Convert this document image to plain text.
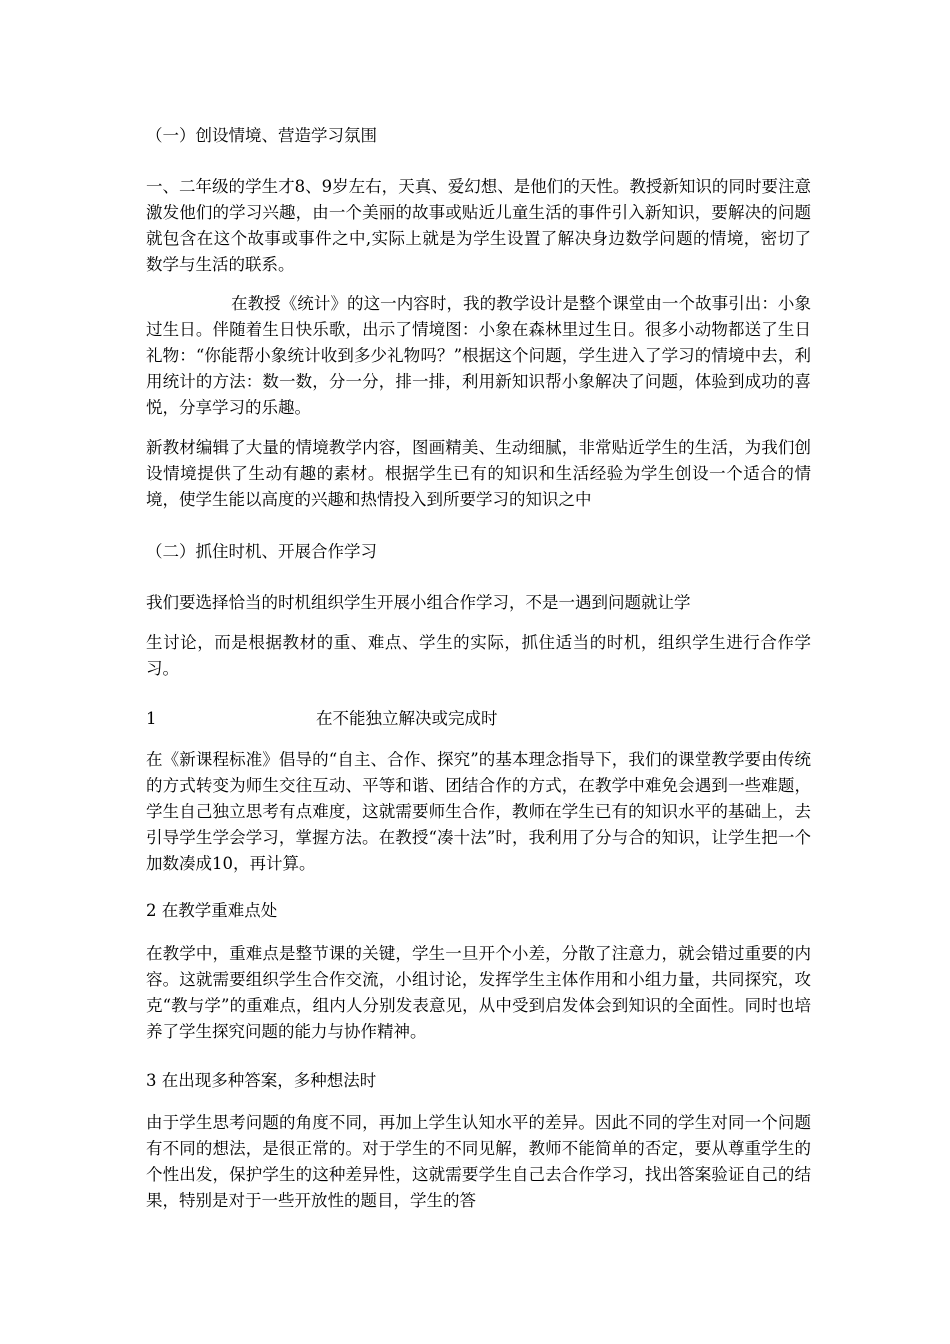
（一）创设情境、营造学习氛围

一、二年级的学生才8、9岁左右，天真、爱幻想、是他们的天性。教授新知识的同时要注意激发他们的学习兴趣，由一个美丽的故事或贴近儿童生活的事件引入新知识，要解决的问题就包含在这个故事或事件之中,实际上就是为学生设置了解决身边数学问题的情境，密切了数学与生活的联系。

在教授《统计》的这一内容时，我的教学设计是整个课堂由一个故事引出：小象过生日。伴随着生日快乐歌，出示了情境图：小象在森林里过生日。很多小动物都送了生日礼物：“你能帮小象统计收到多少礼物吗？”根据这个问题，学生进入了学习的情境中去，利用统计的方法：数一数，分一分，排一排，利用新知识帮小象解决了问题，体验到成功的喜悦，分享学习的乐趣。

新教材编辑了大量的情境教学内容，图画精美、生动细腻，非常贴近学生的生活，为我们创设情境提供了生动有趣的素材。根据学生已有的知识和生活经验为学生创设一个适合的情境，使学生能以高度的兴趣和热情投入到所要学习的知识之中

（二）抓住时机、开展合作学习

我们要选择恰当的时机组织学生开展小组合作学习，不是一遇到问题就让学

生讨论，而是根据教材的重、难点、学生的实际，抓住适当的时机，组织学生进行合作学习。

1	在不能独立解决或完成时

在《新课程标准》倡导的“自主、合作、探究”的基本理念指导下，我们的课堂教学要由传统的方式转变为师生交往互动、平等和谐、团结合作的方式，在教学中难免会遇到一些难题，学生自己独立思考有点难度，这就需要师生合作，教师在学生已有的知识水平的基础上，去引导学生学会学习，掌握方法。在教授“凑十法”时，我利用了分与合的知识，让学生把一个加数凑成10，再计算。

2 在教学重难点处

在教学中，重难点是整节课的关键，学生一旦开个小差，分散了注意力，就会错过重要的内容。这就需要组织学生合作交流，小组讨论，发挥学生主体作用和小组力量，共同探究，攻克“教与学”的重难点，组内人分别发表意见，从中受到启发体会到知识的全面性。同时也培养了学生探究问题的能力与协作精神。

3 在出现多种答案，多种想法时

由于学生思考问题的角度不同，再加上学生认知水平的差异。因此不同的学生对同一个问题有不同的想法，是很正常的。对于学生的不同见解，教师不能简单的否定，要从尊重学生的个性出发，保护学生的这种差异性，这就需要学生自己去合作学习，找出答案验证自己的结果，特别是对于一些开放性的题目，学生的答
